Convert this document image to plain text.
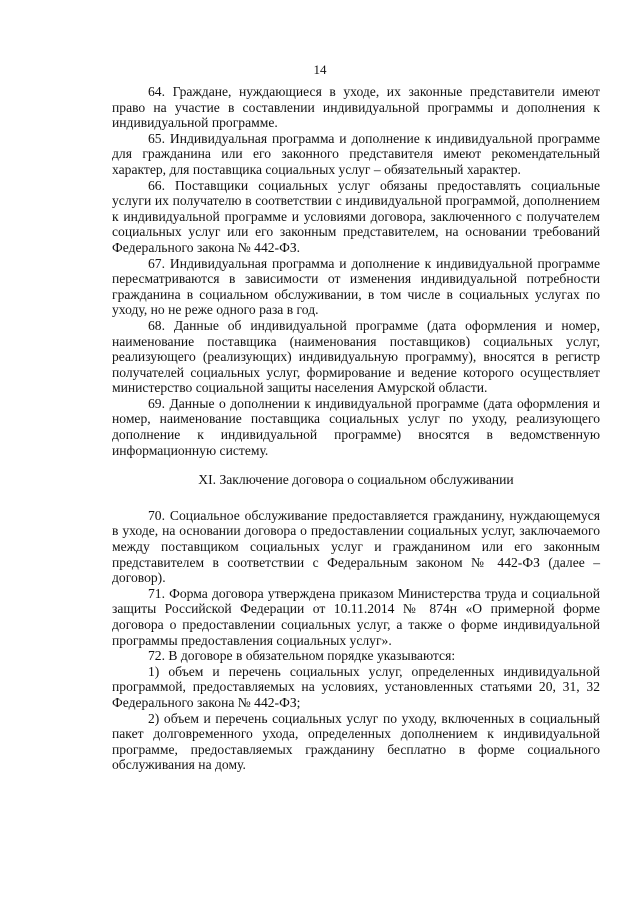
14

64. Граждане, нуждающиеся в уходе, их законные представители имеют право на участие в составлении индивидуальной программы и дополнения к индивидуальной программе.

65. Индивидуальная программа и дополнение к индивидуальной программе для гражданина или его законного представителя имеют рекомендательный характер, для поставщика социальных услуг – обязательный характер.

66. Поставщики социальных услуг обязаны предоставлять социальные услуги их получателю в соответствии с индивидуальной программой, дополнением к индивидуальной программе и условиями договора, заключенного с получателем социальных услуг или его законным представителем, на основании требований Федерального закона № 442-ФЗ.

67. Индивидуальная программа и дополнение к индивидуальной программе пересматриваются в зависимости от изменения индивидуальной потребности гражданина в социальном обслуживании, в том числе в социальных услугах по уходу, но не реже одного раза в год.

68. Данные об индивидуальной программе (дата оформления и номер, наименование поставщика (наименования поставщиков) социальных услуг, реализующего (реализующих) индивидуальную программу), вносятся в регистр получателей социальных услуг, формирование и ведение которого осуществляет министерство социальной защиты населения Амурской области.

69. Данные о дополнении к индивидуальной программе (дата оформления и номер, наименование поставщика социальных услуг по уходу, реализующего дополнение к индивидуальной программе) вносятся в ведомственную информационную систему.

XI. Заключение договора о социальном обслуживании

70. Социальное обслуживание предоставляется гражданину, нуждающемуся в уходе, на основании договора о предоставлении социальных услуг, заключаемого между поставщиком социальных услуг и гражданином или его законным представителем в соответствии с Федеральным законом № 442-ФЗ (далее – договор).

71. Форма договора утверждена приказом Министерства труда и социальной защиты Российской Федерации от 10.11.2014 № 874н «О примерной форме договора о предоставлении социальных услуг, а также о форме индивидуальной программы предоставления социальных услуг».

72. В договоре в обязательном порядке указываются:

1) объем и перечень социальных услуг, определенных индивидуальной программой, предоставляемых на условиях, установленных статьями 20, 31, 32 Федерального закона № 442-ФЗ;

2) объем и перечень социальных услуг по уходу, включенных в социальный пакет долговременного ухода, определенных дополнением к индивидуальной программе, предоставляемых гражданину бесплатно в форме социального обслуживания на дому.
